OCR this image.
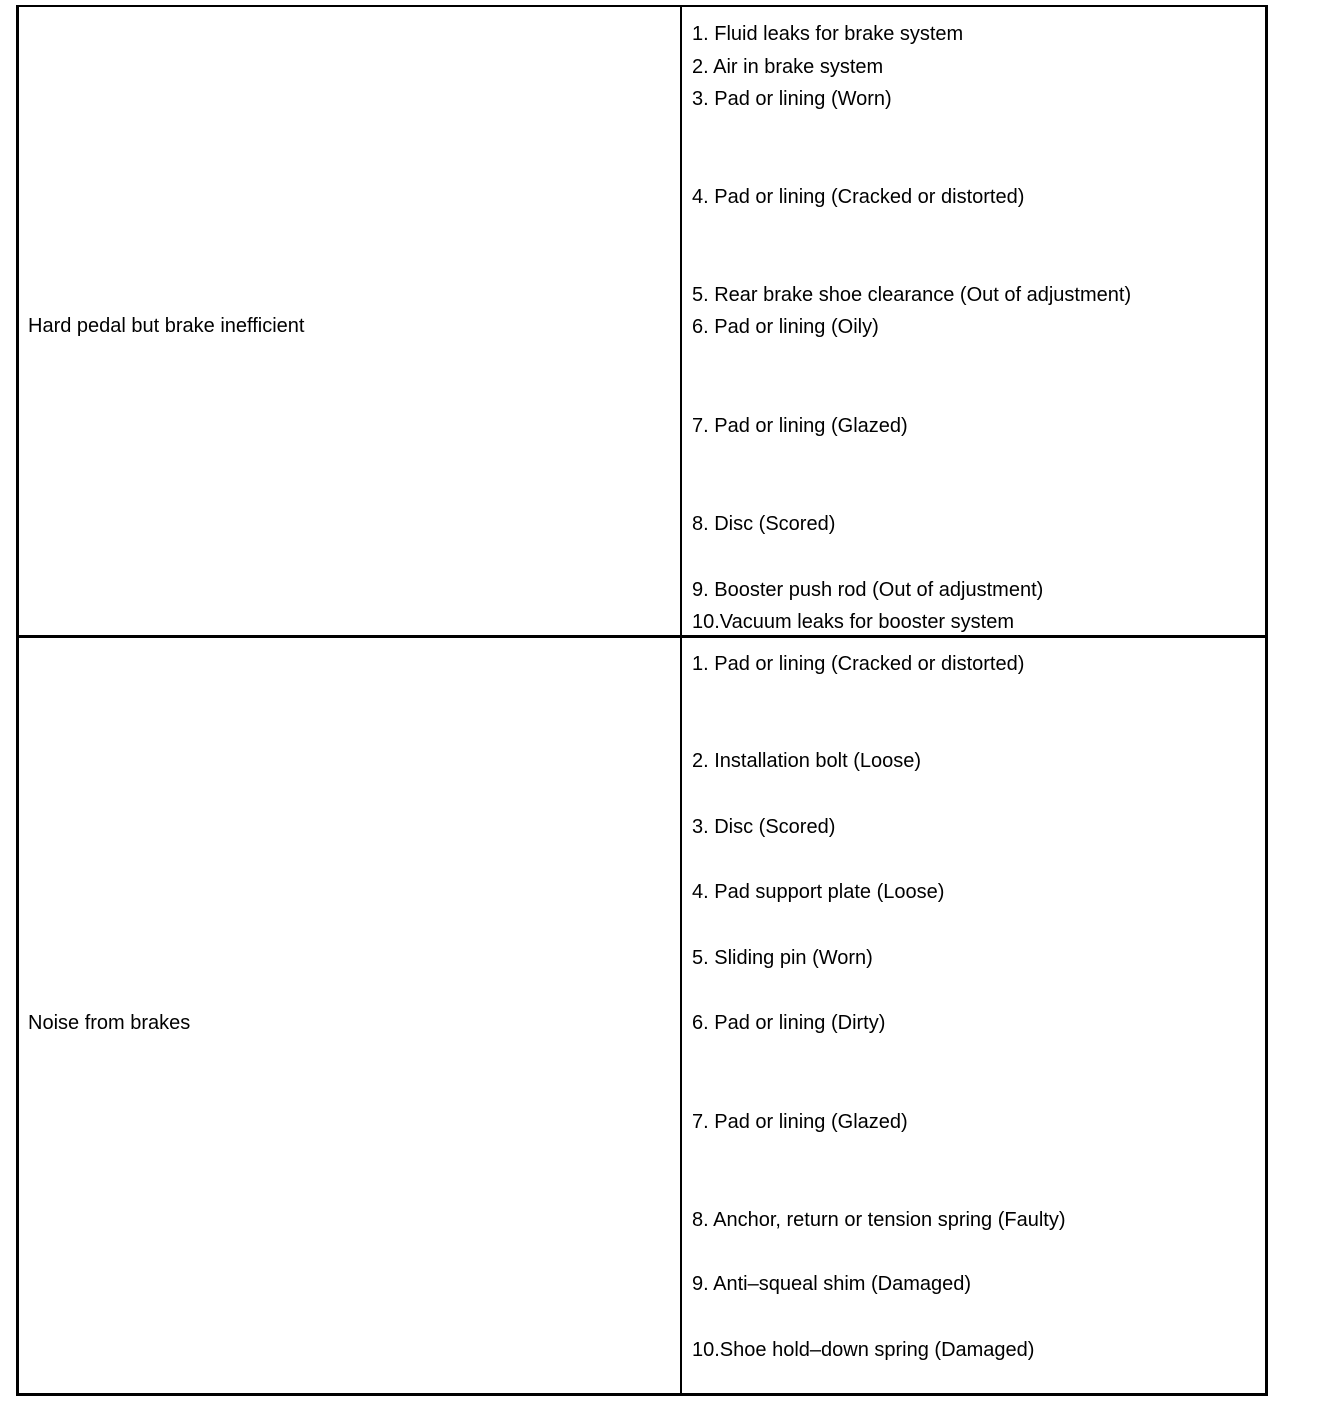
Hard pedal but brake inefficient
1. Fluid leaks for brake system
2. Air in brake system
3. Pad or lining (Worn)
4. Pad or lining (Cracked or distorted)
5. Rear brake shoe clearance (Out of adjustment)
6. Pad or lining (Oily)
7. Pad or lining (Glazed)
8. Disc (Scored)
9. Booster push rod (Out of adjustment)
10.Vacuum leaks for booster system
Noise from brakes
1. Pad or lining (Cracked or distorted)
2. Installation bolt (Loose)
3. Disc (Scored)
4. Pad support plate (Loose)
5. Sliding pin (Worn)
6. Pad or lining (Dirty)
7. Pad or lining (Glazed)
8. Anchor, return or tension spring (Faulty)
9. Anti–squeal shim (Damaged)
10.Shoe hold–down spring (Damaged)
